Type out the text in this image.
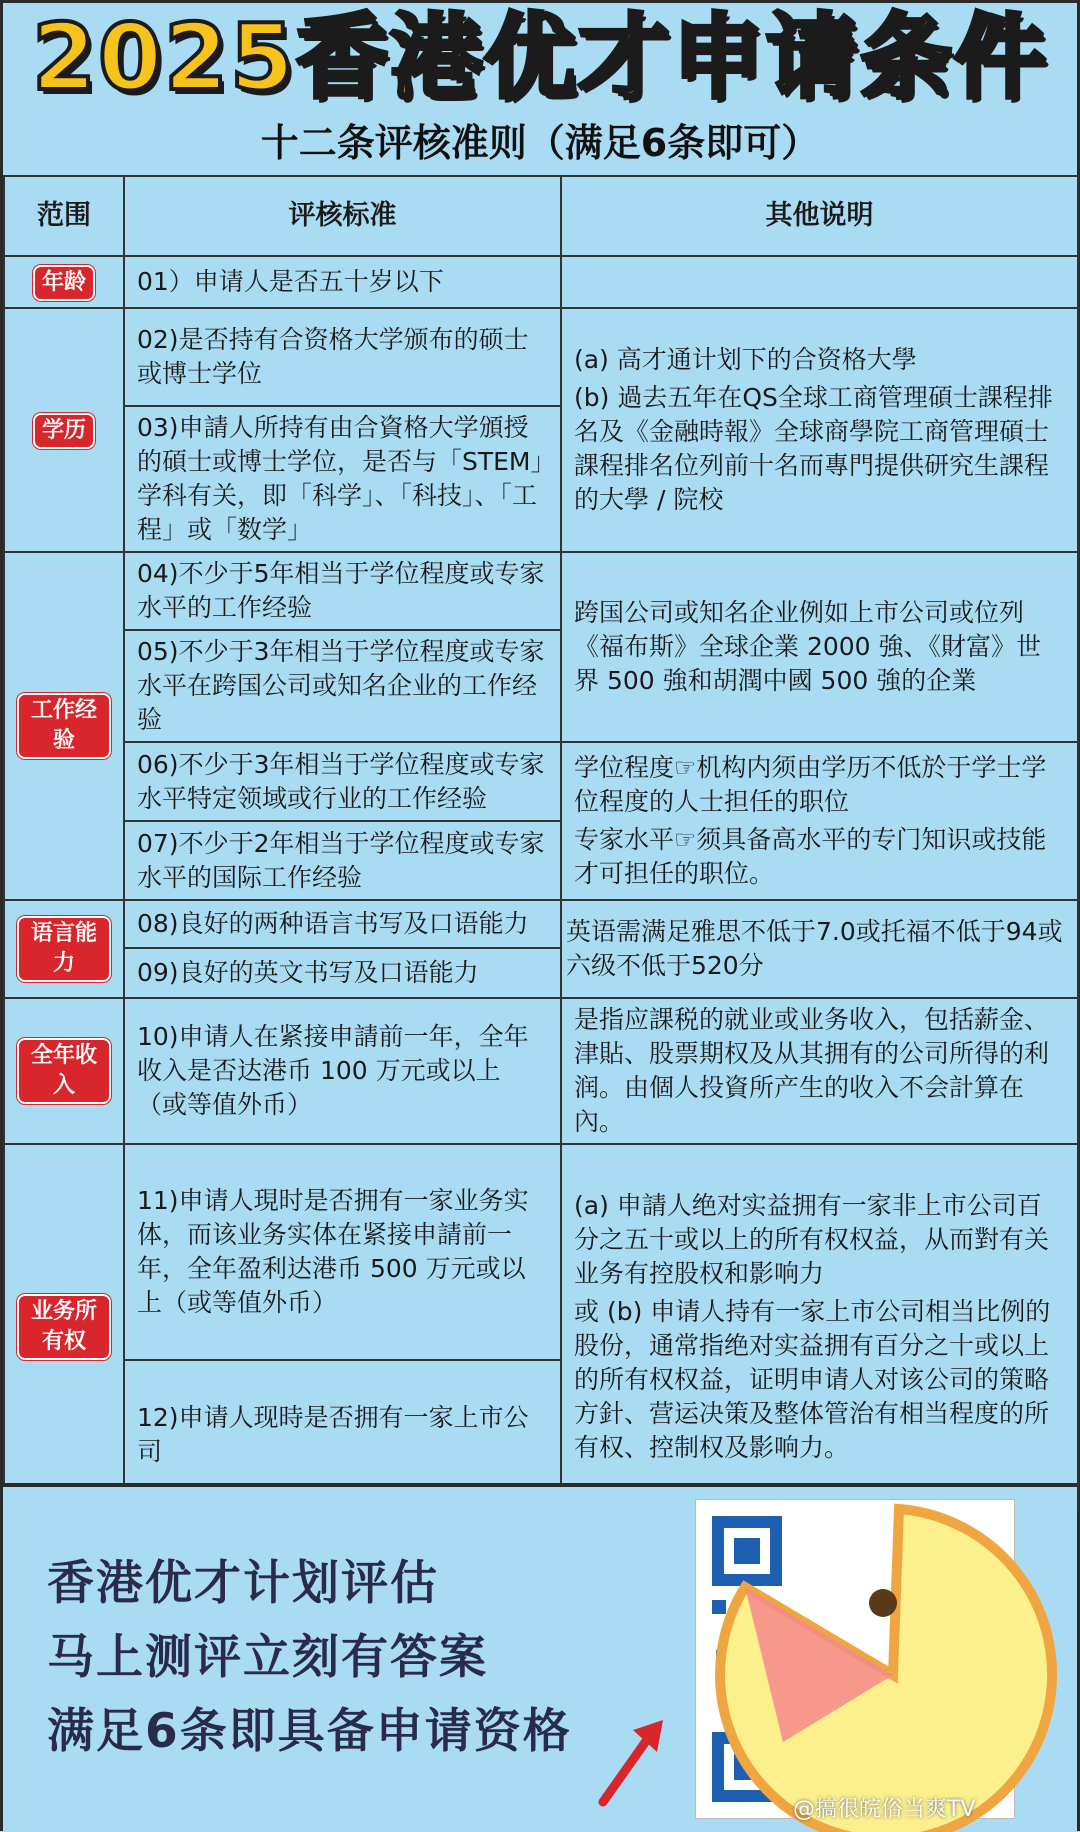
2025香港优才申请条件
十二条评核准则（满足6条即可）
范围	评核标准	其他说明
年龄	01）申请人是否五十岁以下	
学历	02)是否持有合资格大学颁布的硕士或博士学位	(a) 高才通计划下的合资格大學

(b) 過去五年在QS全球工商管理碩士課程排名及《金融時報》全球商學院工商管理碩士課程排名位列前十名而專門提供研究生課程的大學 / 院校

	03)申請人所持有由合資格大学頒授的碩士或博士学位，是否与「STEM」学科有关，即「科学」、「科技」、「工程」或「数学」	
工作经验	04)不少于5年相当于学位程度或专家水平的工作经验	跨国公司或知名企业例如上市公司或位列《福布斯》全球企業 2000 強、《財富》世界 500 強和胡潤中國 500 強的企業
	05)不少于3年相当于学位程度或专家水平在跨国公司或知名企业的工作经验	
	06)不少于3年相当于学位程度或专家水平特定领域或行业的工作经验	学位程度☞机构内须由学历不低於于学士学位程度的人士担任的职位

专家水平☞须具备高水平的专门知识或技能才可担任的职位。

	07)不少于2年相当于学位程度或专家水平的国际工作经验	
语言能力	08)良好的两种语言书写及口语能力	英语需满足雅思不低于7.0或托福不低于94或六级不低于520分
	09)良好的英文书写及口语能力	
全年收入	10)申请人在紧接申請前一年，全年收入是否达港币 100 万元或以上（或等值外币）	是指应課税的就业或业务收入，包括薪金、津貼、股票期权及从其拥有的公司所得的利润。由個人投資所产生的收入不会計算在內。
业务所有权	11)申请人現时是否拥有一家业务实体，而该业务实体在紧接申請前一年，全年盈利达港币 500 万元或以上（或等值外币）	(a) 申請人绝对实益拥有一家非上市公司百分之五十或以上的所有权权益，从而對有关业务有控股权和影响力

或 (b) 申请人持有一家上市公司相当比例的股份，通常指绝对实益拥有百分之十或以上的所有权权益，证明申请人对该公司的策略方針、营运决策及整体管治有相当程度的所有权、控制权及影响力。

	12)申请人现時是否拥有一家上市公司	
香港优才计划评估
马上测评立刻有答案
满足6条即具备申请资格
@搞很皖俗当爽TV
